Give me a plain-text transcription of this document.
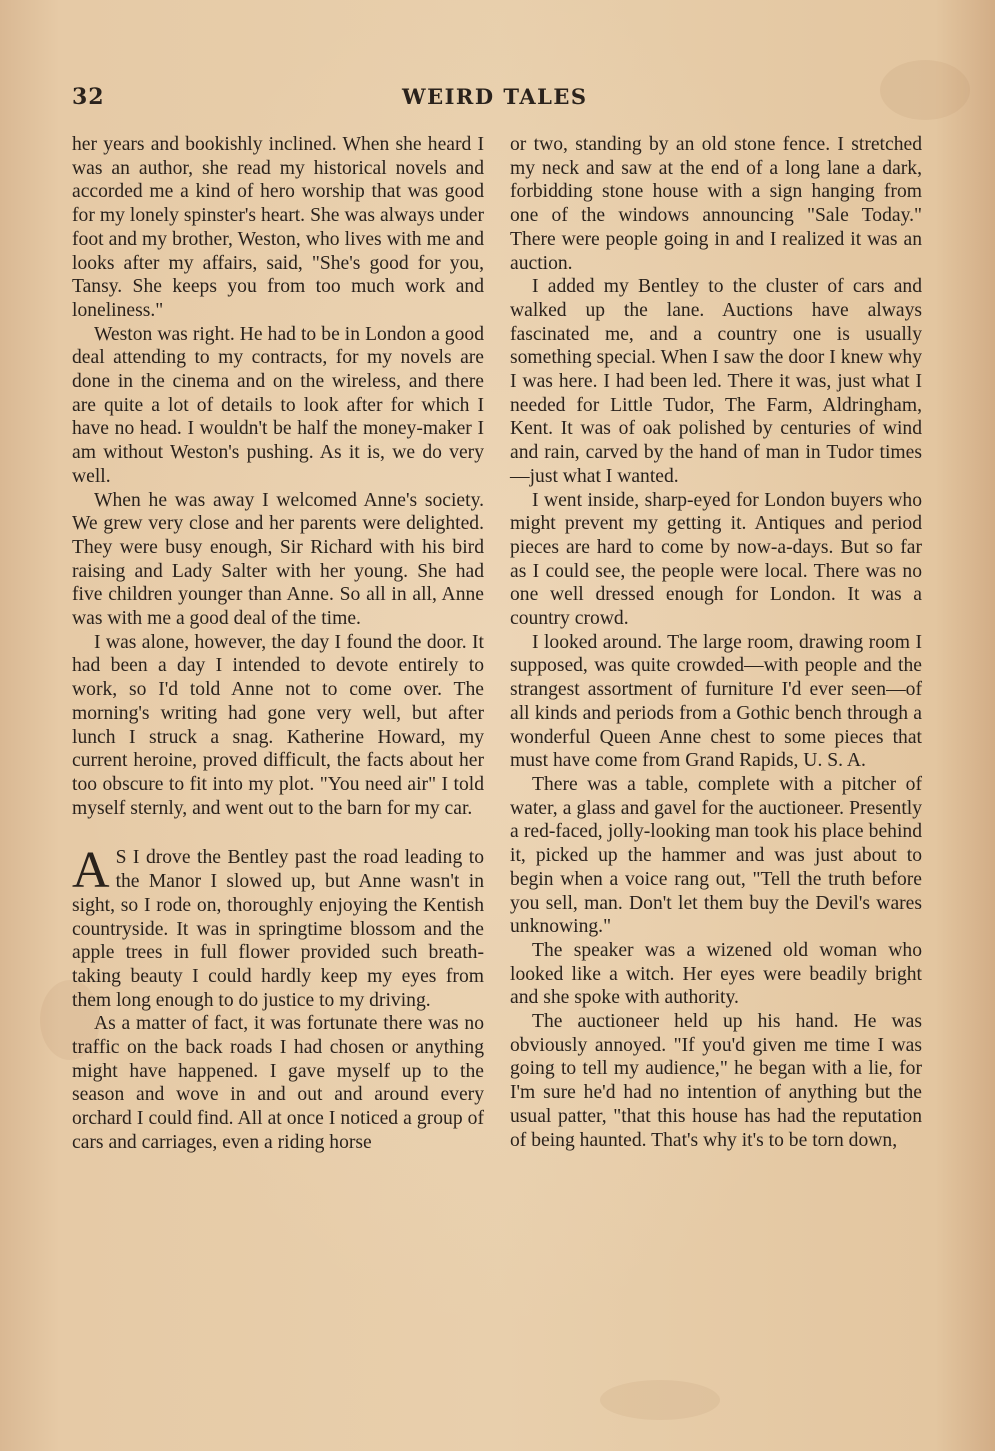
32	WEIRD TALES

her years and bookishly inclined. When she heard I was an author, she read my historical novels and accorded me a kind of hero worship that was good for my lonely spinster's heart. She was always under foot and my brother, Weston, who lives with me and looks after my affairs, said, "She's good for you, Tansy. She keeps you from too much work and loneliness."

Weston was right. He had to be in London a good deal attending to my contracts, for my novels are done in the cinema and on the wireless, and there are quite a lot of details to look after for which I have no head. I wouldn't be half the money-maker I am without Weston's pushing. As it is, we do very well.

When he was away I welcomed Anne's society. We grew very close and her parents were delighted. They were busy enough, Sir Richard with his bird raising and Lady Salter with her young. She had five children younger than Anne. So all in all, Anne was with me a good deal of the time.

I was alone, however, the day I found the door. It had been a day I intended to devote entirely to work, so I'd told Anne not to come over. The morning's writing had gone very well, but after lunch I struck a snag. Katherine Howard, my current heroine, proved difficult, the facts about her too obscure to fit into my plot. "You need air" I told myself sternly, and went out to the barn for my car.

A S I drove the Bentley past the road leading to the Manor I slowed up, but Anne wasn't in sight, so I rode on, thoroughly enjoying the Kentish countryside. It was in springtime blossom and the apple trees in full flower provided such breath-taking beauty I could hardly keep my eyes from them long enough to do justice to my driving.

As a matter of fact, it was fortunate there was no traffic on the back roads I had chosen or anything might have happened. I gave myself up to the season and wove in and out and around every orchard I could find. All at once I noticed a group of cars and carriages, even a riding horse

or two, standing by an old stone fence. I stretched my neck and saw at the end of a long lane a dark, forbidding stone house with a sign hanging from one of the windows announcing "Sale Today." There were people going in and I realized it was an auction.

I added my Bentley to the cluster of cars and walked up the lane. Auctions have always fascinated me, and a country one is usually something special. When I saw the door I knew why I was here. I had been led. There it was, just what I needed for Little Tudor, The Farm, Aldringham, Kent. It was of oak polished by centuries of wind and rain, carved by the hand of man in Tudor times—just what I wanted.

I went inside, sharp-eyed for London buyers who might prevent my getting it. Antiques and period pieces are hard to come by now-a-days. But so far as I could see, the people were local. There was no one well dressed enough for London. It was a country crowd.

I looked around. The large room, drawing room I supposed, was quite crowded—with people and the strangest assortment of furniture I'd ever seen—of all kinds and periods from a Gothic bench through a wonderful Queen Anne chest to some pieces that must have come from Grand Rapids, U. S. A.

There was a table, complete with a pitcher of water, a glass and gavel for the auctioneer. Presently a red-faced, jolly-looking man took his place behind it, picked up the hammer and was just about to begin when a voice rang out, "Tell the truth before you sell, man. Don't let them buy the Devil's wares unknowing."

The speaker was a wizened old woman who looked like a witch. Her eyes were beadily bright and she spoke with authority.

The auctioneer held up his hand. He was obviously annoyed. "If you'd given me time I was going to tell my audience," he began with a lie, for I'm sure he'd had no intention of anything but the usual patter, "that this house has had the reputation of being haunted. That's why it's to be torn down,
